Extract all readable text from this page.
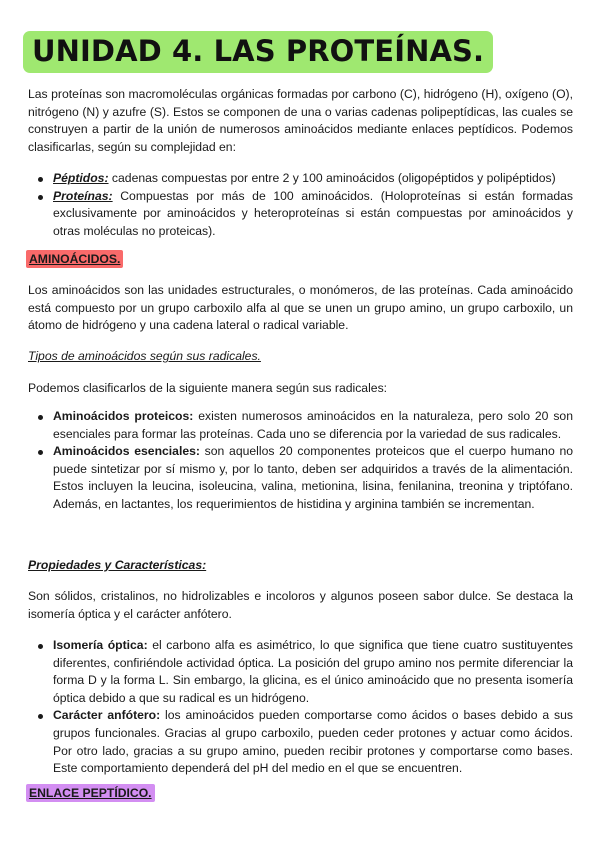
UNIDAD 4. LAS PROTEÍNAS.

Las proteínas son macromoléculas orgánicas formadas por carbono (C), hidrógeno (H), oxígeno (O), nitrógeno (N) y azufre (S). Estos se componen de una o varias cadenas polipeptídicas, las cuales se construyen a partir de la unión de numerosos aminoácidos mediante enlaces peptídicos. Podemos clasificarlas, según su complejidad en:

Péptidos: cadenas compuestas por entre 2 y 100 aminoácidos (oligopéptidos y polipéptidos)
Proteínas: Compuestas por más de 100 aminoácidos. (Holoproteínas si están formadas exclusivamente por aminoácidos y heteroproteínas si están compuestas por aminoácidos y otras moléculas no proteicas).
AMINOÁCIDOS.

Los aminoácidos son las unidades estructurales, o monómeros, de las proteínas. Cada aminoácido está compuesto por un grupo carboxilo alfa al que se unen un grupo amino, un grupo carboxilo, un átomo de hidrógeno y una cadena lateral o radical variable.

Tipos de aminoácidos según sus radicales.

Podemos clasificarlos de la siguiente manera según sus radicales:

Aminoácidos proteicos: existen numerosos aminoácidos en la naturaleza, pero solo 20 son esenciales para formar las proteínas. Cada uno se diferencia por la variedad de sus radicales.
Aminoácidos esenciales: son aquellos 20 componentes proteicos que el cuerpo humano no puede sintetizar por sí mismo y, por lo tanto, deben ser adquiridos a través de la alimentación. Estos incluyen la leucina, isoleucina, valina, metionina, lisina, fenilanina, treonina y triptófano. Además, en lactantes, los requerimientos de histidina y arginina también se incrementan.

Propiedades y Características:

Son sólidos, cristalinos, no hidrolizables e incoloros y algunos poseen sabor dulce. Se destaca la isomería óptica y el carácter anfótero.

Isomería óptica: el carbono alfa es asimétrico, lo que significa que tiene cuatro sustituyentes diferentes, confiriéndole actividad óptica. La posición del grupo amino nos permite diferenciar la forma D y la forma L. Sin embargo, la glicina, es el único aminoácido que no presenta isomería óptica debido a que su radical es un hidrógeno.
Carácter anfótero: los aminoácidos pueden comportarse como ácidos o bases debido a sus grupos funcionales. Gracias al grupo carboxilo, pueden ceder protones y actuar como ácidos. Por otro lado, gracias a su grupo amino, pueden recibir protones y comportarse como bases. Este comportamiento dependerá del pH del medio en el que se encuentren.
ENLACE PEPTÍDICO.
